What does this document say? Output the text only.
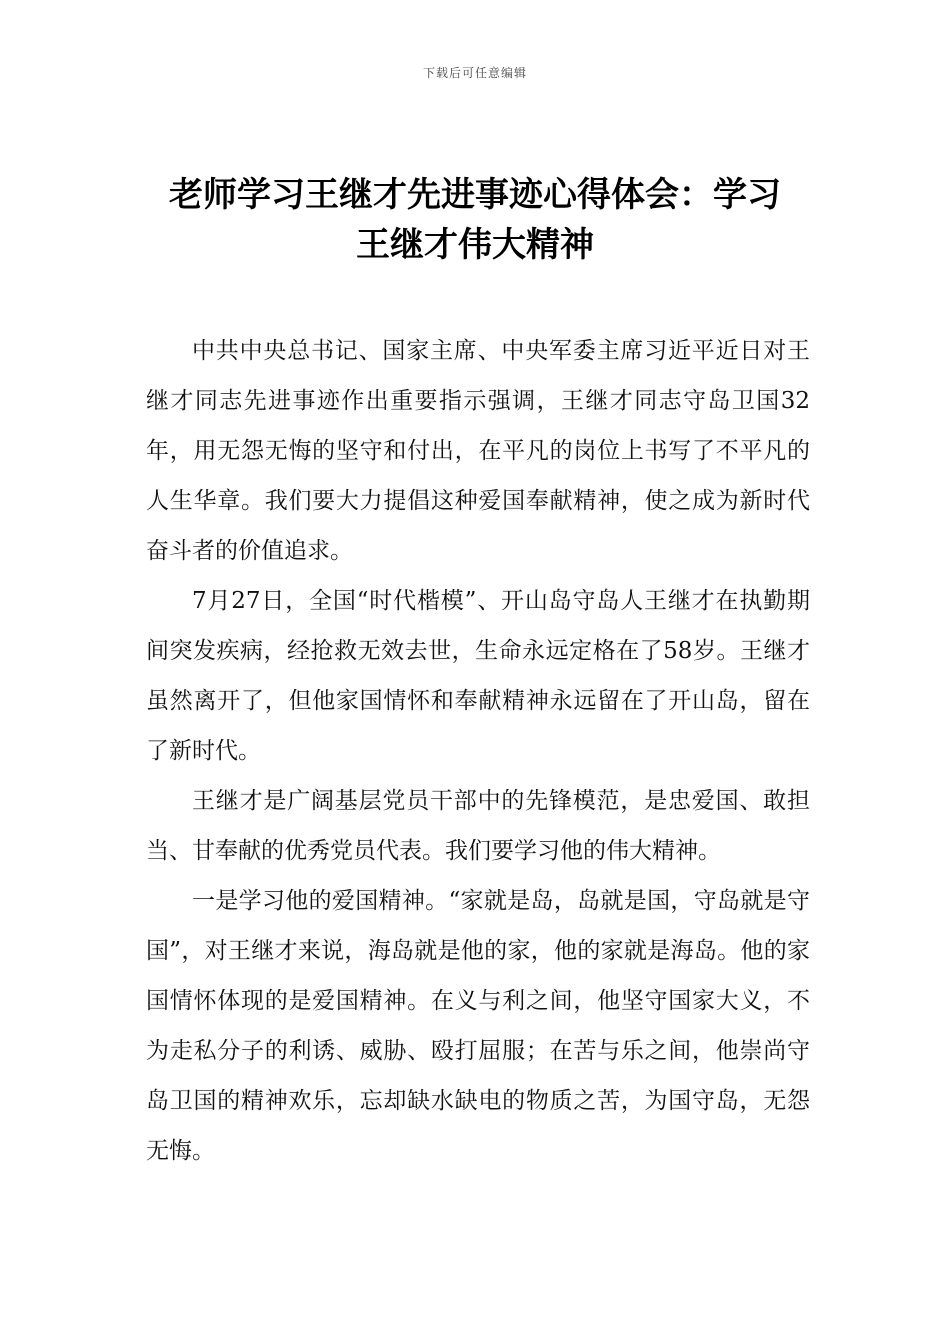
下载后可任意编辑
老师学习王继才先进事迹心得体会：学习
王继才伟大精神

中共中央总书记、国家主席、中央军委主席习近平近日对王继才同志先进事迹作出重要指示强调，王继才同志守岛卫国32年，用无怨无悔的坚守和付出，在平凡的岗位上书写了不平凡的人生华章。我们要大力提倡这种爱国奉献精神，使之成为新时代奋斗者的价值追求。

7月27日，全国“时代楷模”、开山岛守岛人王继才在执勤期间突发疾病，经抢救无效去世，生命永远定格在了58岁。王继才虽然离开了，但他家国情怀和奉献精神永远留在了开山岛，留在了新时代。

王继才是广阔基层党员干部中的先锋模范，是忠爱国、敢担当、甘奉献的优秀党员代表。我们要学习他的伟大精神。

一是学习他的爱国精神。“家就是岛，岛就是国，守岛就是守国”，对王继才来说，海岛就是他的家，他的家就是海岛。他的家国情怀体现的是爱国精神。在义与利之间，他坚守国家大义，不为走私分子的利诱、威胁、殴打屈服；在苦与乐之间，他崇尚守岛卫国的精神欢乐，忘却缺水缺电的物质之苦，为国守岛，无怨无悔。
